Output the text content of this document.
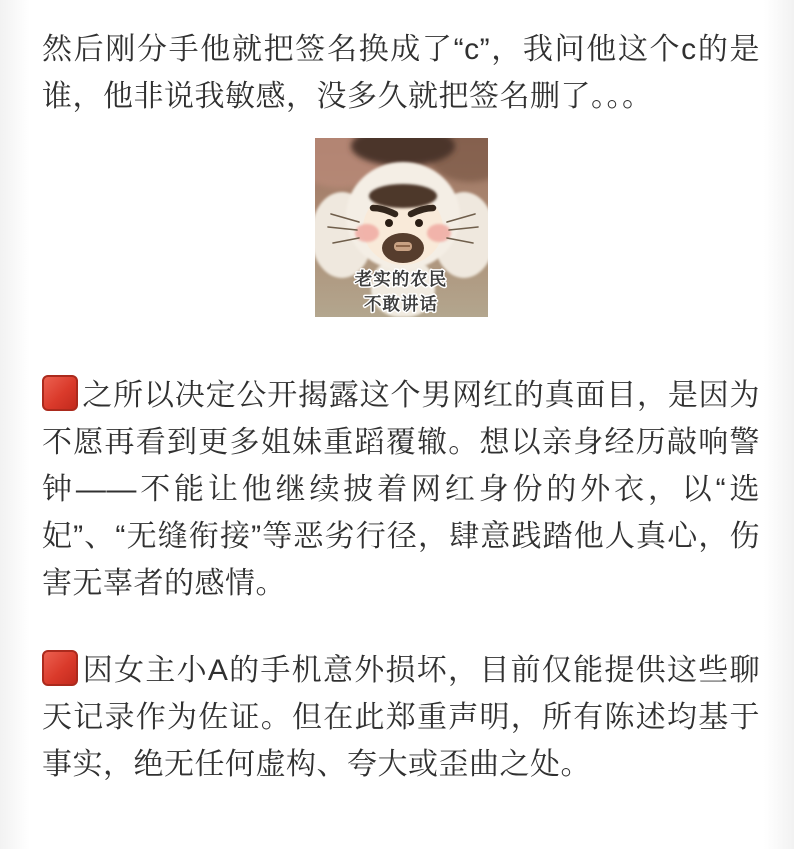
然后刚分手他就把签名换成了“c”，我问他这个c的是谁，他非说我敏感，没多久就把签名删了。。。

老实的农民
不敢讲话

之所以决定公开揭露这个男网红的真面目，是因为不愿再看到更多姐妹重蹈覆辙。想以亲身经历敲响警钟——不能让他继续披着网红身份的外衣，以“选妃”、“无缝衔接”等恶劣行径，肆意践踏他人真心，伤害无辜者的感情。

因女主小A的手机意外损坏，目前仅能提供这些聊天记录作为佐证。但在此郑重声明，所有陈述均基于事实，绝无任何虚构、夸大或歪曲之处。
